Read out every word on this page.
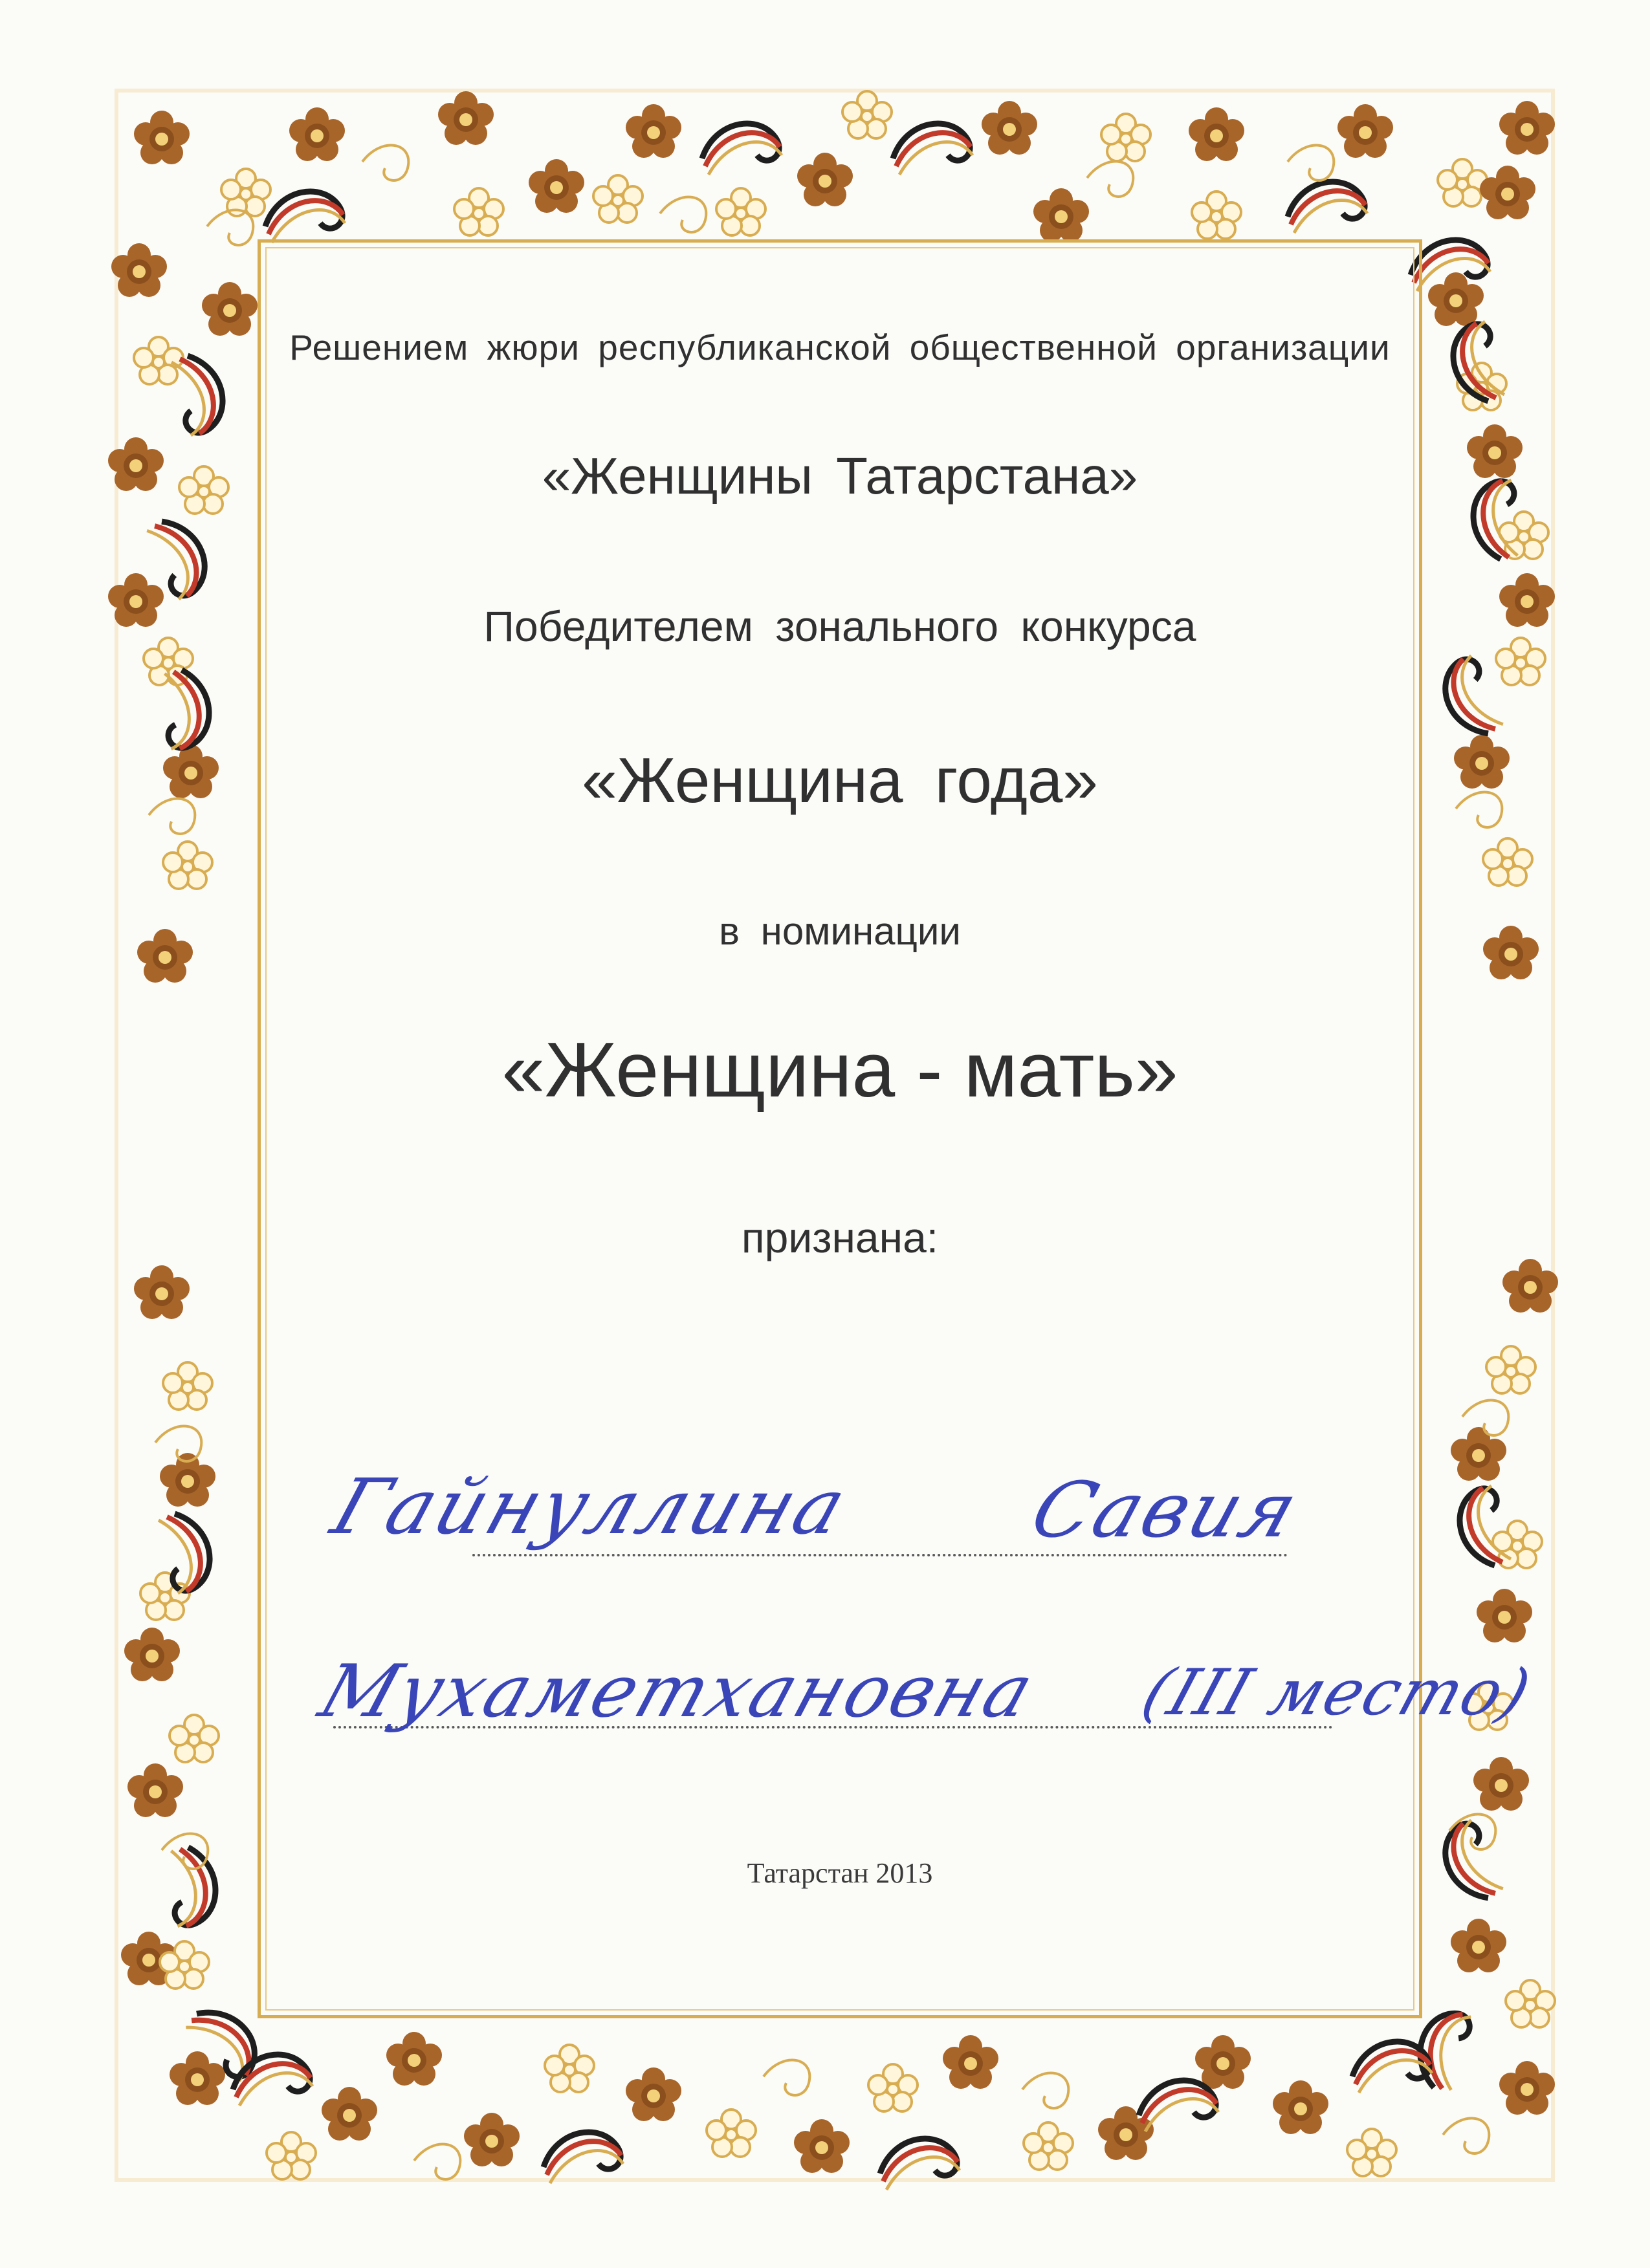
Решением жюри республиканской общественной организации
«Женщины Татарстана»
Победителем зонального конкурса
«Женщина года»
в номинации
«Женщина - мать»
признана:
Гайнуллина Савия
Мухаметхановна (III место)
Татарстан 2013
